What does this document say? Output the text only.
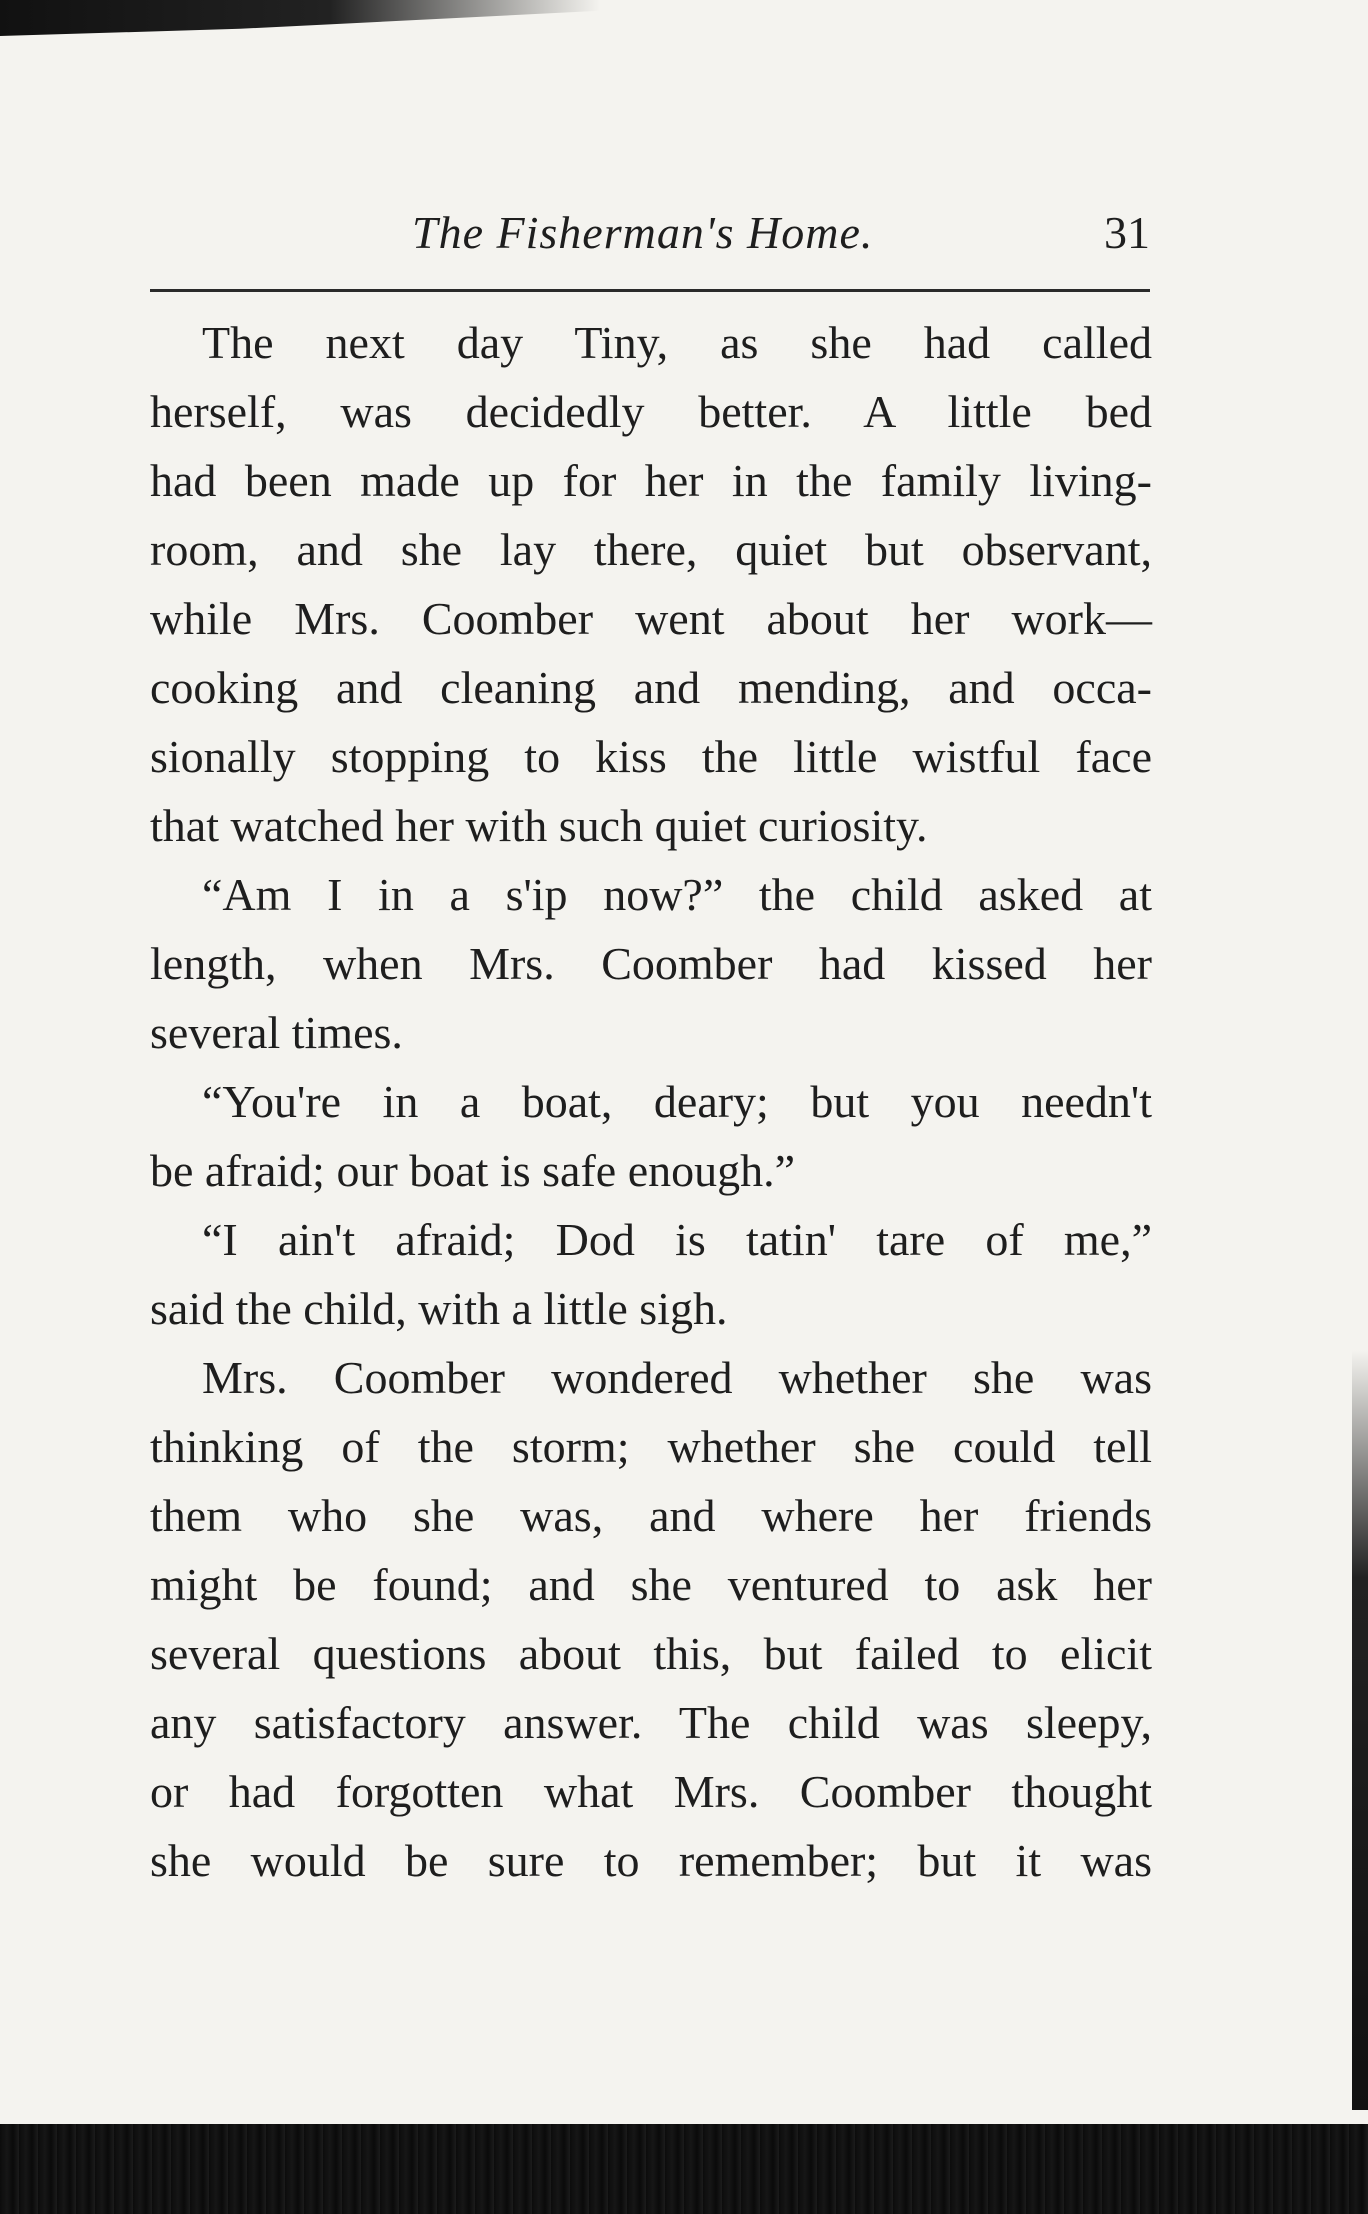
The Fisherman's Home.	31
The next day Tiny, as she had called
herself, was decidedly better. A little bed
had been made up for her in the family living-
room, and she lay there, quiet but observant,
while Mrs. Coomber went about her work—
cooking and cleaning and mending, and occa-
sionally stopping to kiss the little wistful face
that watched her with such quiet curiosity.
“Am I in a s'ip now?” the child asked at
length, when Mrs. Coomber had kissed her
several times.
“You're in a boat, deary; but you needn't
be afraid; our boat is safe enough.”
“I ain't afraid; Dod is tatin' tare of me,”
said the child, with a little sigh.
Mrs. Coomber wondered whether she was
thinking of the storm; whether she could tell
them who she was, and where her friends
might be found; and she ventured to ask her
several questions about this, but failed to elicit
any satisfactory answer. The child was sleepy,
or had forgotten what Mrs. Coomber thought
she would be sure to remember; but it was
